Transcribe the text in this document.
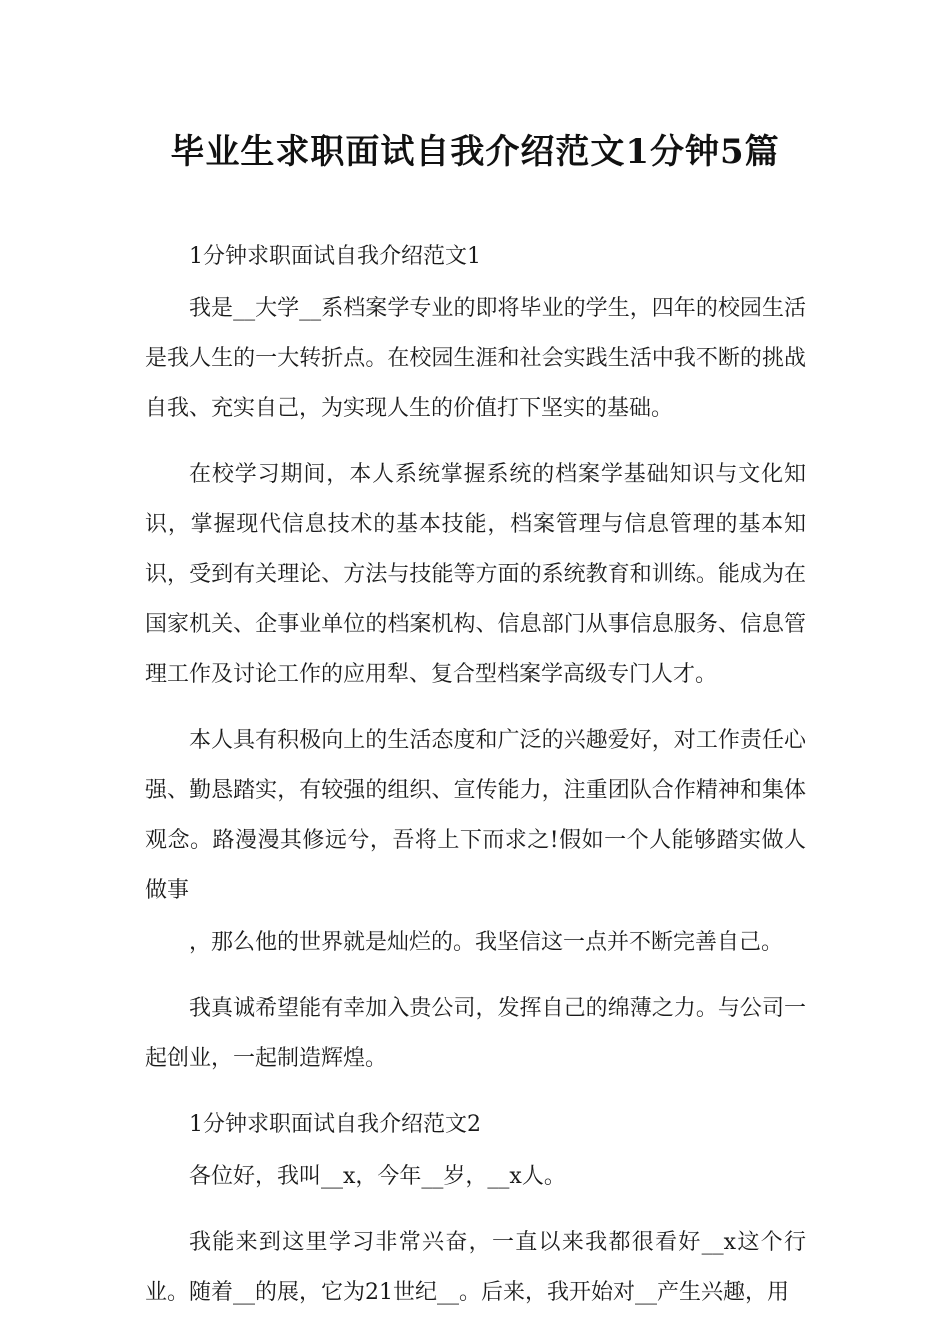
毕业生求职面试自我介绍范文1分钟5篇

1分钟求职面试自我介绍范文1

我是__大学__系档案学专业的即将毕业的学生，四年的校园生活是我人生的一大转折点。在校园生涯和社会实践生活中我不断的挑战自我、充实自己，为实现人生的价值打下坚实的基础。

在校学习期间，本人系统掌握系统的档案学基础知识与文化知识，掌握现代信息技术的基本技能，档案管理与信息管理的基本知识，受到有关理论、方法与技能等方面的系统教育和训练。能成为在国家机关、企事业单位的档案机构、信息部门从事信息服务、信息管理工作及讨论工作的应用犁、复合型档案学高级专门人才。

本人具有积极向上的生活态度和广泛的兴趣爱好，对工作责任心强、勤恳踏实，有较强的组织、宣传能力，注重团队合作精神和集体观念。路漫漫其修远兮，吾将上下而求之!假如一个人能够踏实做人做事

，那么他的世界就是灿烂的。我坚信这一点并不断完善自己。

我真诚希望能有幸加入贵公司，发挥自己的绵薄之力。与公司一起创业，一起制造辉煌。

1分钟求职面试自我介绍范文2

各位好，我叫__x，今年__岁，__x人。

我能来到这里学习非常兴奋，一直以来我都很看好__x这个行业。随着__的展，它为21世纪__。后来，我开始对__产生兴趣，用
